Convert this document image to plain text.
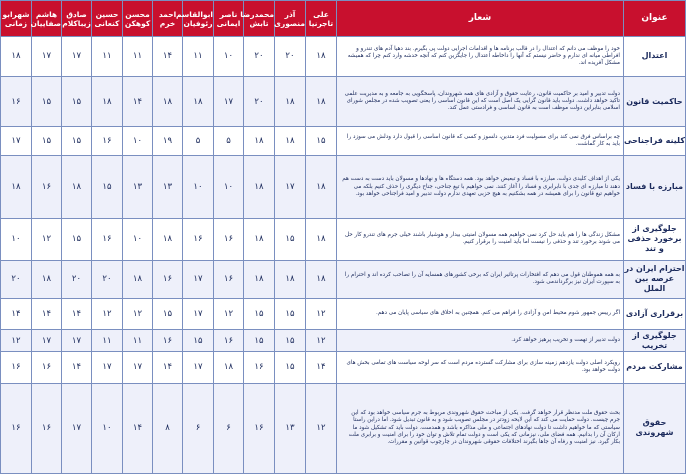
عنوان	شعار	علی تاجرنیا	آذر منصوری	محمدرضا تابش	ناصر ایمانی	ابوالقاسم رئوفیان	احمد خرم	محسن کوهکن	حسین کنعانی	صادق زیباکلام	هاشم صفاییان	شهرابو زمانی
اعتدال	خود را موظف می دانم که اعتدال را در قالب برنامه ها و اقدامات اجرایی دولت پی بگیرم. بند دهیا آدم های تندرو و افراطی میانه ای ندارم و حاضر نیستم که آنها را داخاطه اعتدال را جایگزین کنم که آنچه خدشه وارد کنم چرا که همیشه مشکل آفریده اند.	۱۸	۲۰	۲۰	۱۰	۱۱	۱۴	۱۱	۱۱	۱۷	۱۷	۱۸
حاکمیت قانون	دولت تدبیر و امید بر حاکمیت قانون، رعایت حقوق و آزادی های همه شهروندان، پاسخگویی به جامعه و به مدیریت علمی تاکید خواهد داشت. دولت باید قانون گرایی یک اصل است که این قانون اساسی را یعنی تصویب شده در مجلس شورای اسلامی بنابراین دولت موظف است به قانون اساسی و فرادستی عمل کند.	۱۸	۱۸	۲۰	۱۷	۱۸	۱۸	۱۴	۱۸	۱۵	۱۵	۱۶
کلینه فراجناحی	چه براساس فرق نمی کند برای مسولیت فرد متدین، دلسوز و کسی که قانون اساسی را قبول دارد ودلش می سوزد را باید به کار گماشت.	۱۵	۱۸	۱۸	۵	۵	۱۹	۱۰	۱۶	۱۵	۱۵	۱۷
مبارزه با فساد	یکی از اهداف کلیدی دولت، مبارزه با فساد و تبعیض خواهد بود. همه دستگاه ها و نهادها و مسولان باید دست به دست هم دهند تا مبارزه ای جدی با نابرابری و فساد را آغاز کنند. نمی خواهیم با تیغ جناحی، جناح دیگری را حذف کنیم بلکه می خواهیم تیغ قانون را برای همیشه در همه بشکنیم به هیچ حزبی تعهدی ندارم دولت تدبیر و امید فراجناحی خواهد بود.	۱۸	۱۷	۱۸	۱۰	۱۰	۱۳	۱۳	۱۵	۱۸	۱۶	۱۸
جلوگیری از برخورد حذفی و تند	مشکل زندگی ها را هم باید حل کرد نمی خواهیم همه مسولان امنیتی بیدار و هوشیار باشند خیلی جرم های تندرو کار حل می شوند برخورد تند و حذفی را نیست اما باید امنیت را برقرار کنیم.	۱۸	۱۵	۱۸	۱۶	۱۶	۱۸	۱۰	۱۶	۱۵	۱۲	۱۰
احترام ایران در عرصه بین الملل	به همه هموطنان قول می دهم که افتخارات پرتاثیر ایران که برخی کشورهای همسایه آن را تصاحب کرده اند و احترام را به سپورت ایران نیز برگرداندمی شود.	۱۸	۱۸	۱۸	۱۶	۱۷	۱۶	۱۸	۲۰	۲۰	۱۸	۲۰
برقراری آزادی	اگر رییس جمهور شوم محیط امن و آزادی را فراهم می کنم. همچنین به اخلاق های سیاسی پایان می دهم.	۱۲	۱۵	۱۵	۱۲	۱۷	۱۵	۱۲	۱۲	۱۴	۱۴	۱۴
جلوگیری از تخریب	دولت تدبیر از تهمت و تخریب پرهیز خواهد کرد.	۱۲	۱۵	۱۵	۱۶	۱۵	۱۶	۱۱	۱۱	۱۷	۱۷	۱۲
مشارکت مردم	رویکرد اصلی دولت یازدهم زمینه سازی برای مشارکت گسترده مردم است که سر لوحه سیاست های تمامی بخش های دولت خواهد بود.	۱۴	۱۵	۱۶	۱۸	۱۷	۱۴	۱۷	۱۷	۱۴	۱۶	۱۶
حقوق شهروندی	بحث حقوق ملت مدنظر قرار خواهد گرفت. یکی از مباحث حقوق شهروندی مربوط به جرم سیاسی خواهد بود که این جرم چیست. دولت حمایت می کند که این لایحه زودتر در مجلس تصویب شود و به قانون تبدیل شود. اما دراین راستا سیاستی که ما خواهیم داشت تا دولت نهادهای اجتماعی و ملی مذاکره باشد و همدست. دولت باید که تشکیل شود ما ارکان آن را بدانیم. همه فضای ملی، نیزمانی که یکی است و دولت تمام تلاش و توان خود را برای امنیت و برابری ملت بکار گیرد. نیز امنیت و رفاه آن جاها بگیرند اختلافات حقوقی شهروندان در چارچوب قوانین و مقررات.	۱۲	۱۳	۱۶	۶	۶	۸	۱۴	۱۰	۱۷	۱۶	۱۶
